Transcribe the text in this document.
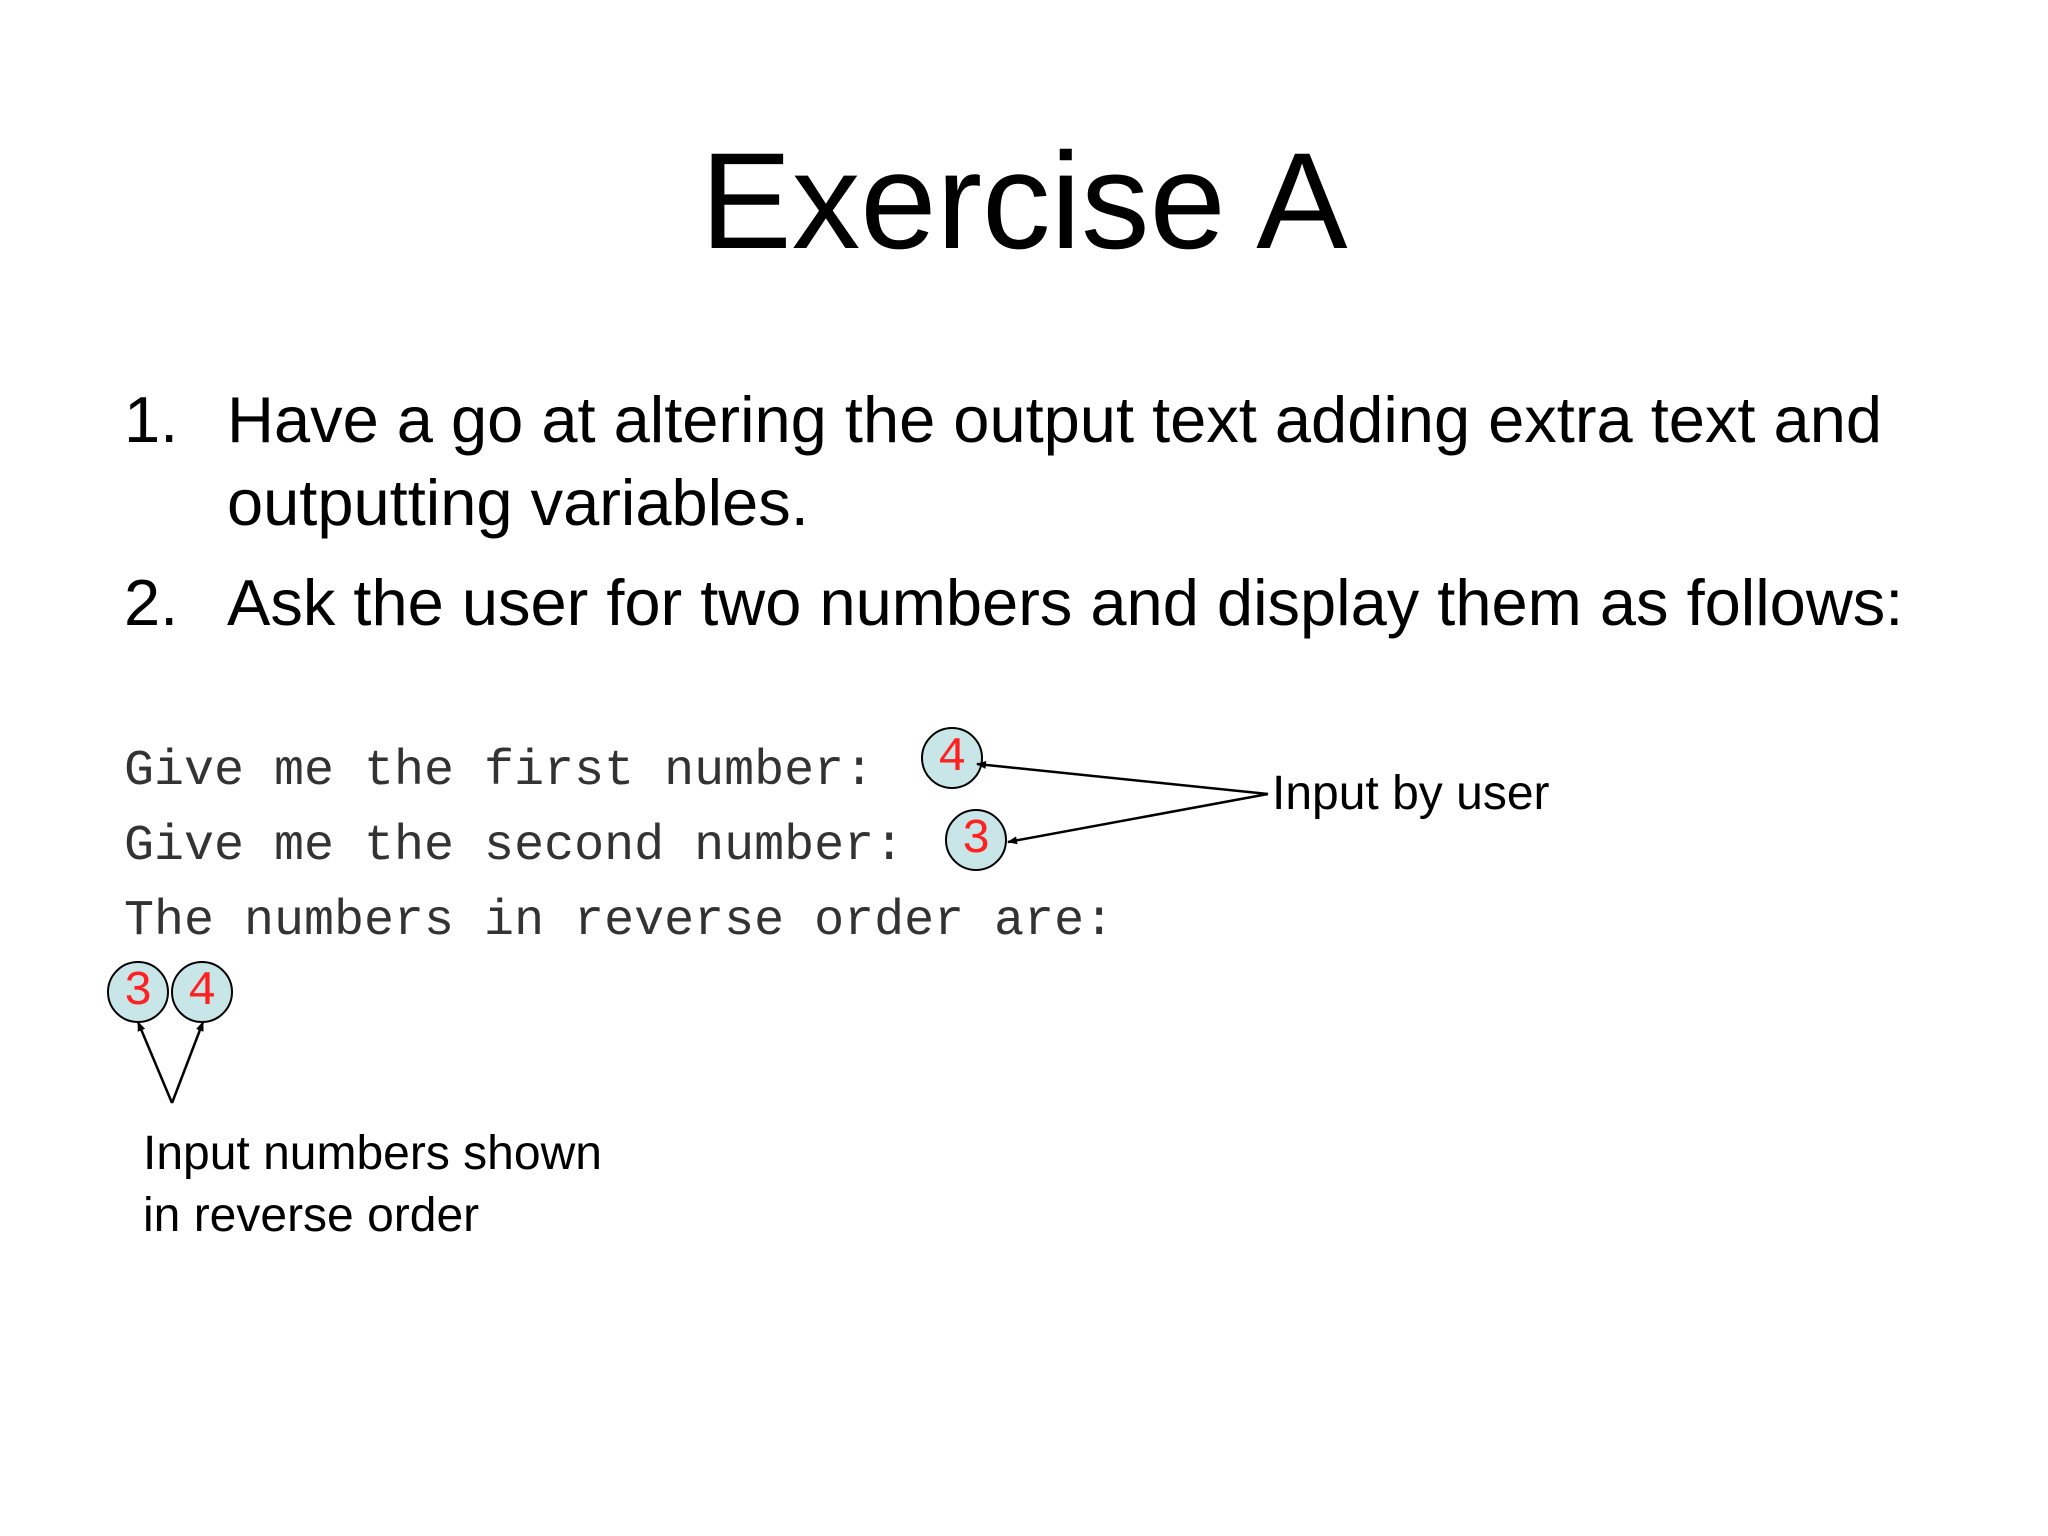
Exercise A
1. Have a go at altering the output text adding extra text and outputting variables.
2. Ask the user for two numbers and display them as follows:
Give me the first number:
Give me the second number:
The numbers in reverse order are:
4
3
3 4
Input by user
Input numbers shown
in reverse order
